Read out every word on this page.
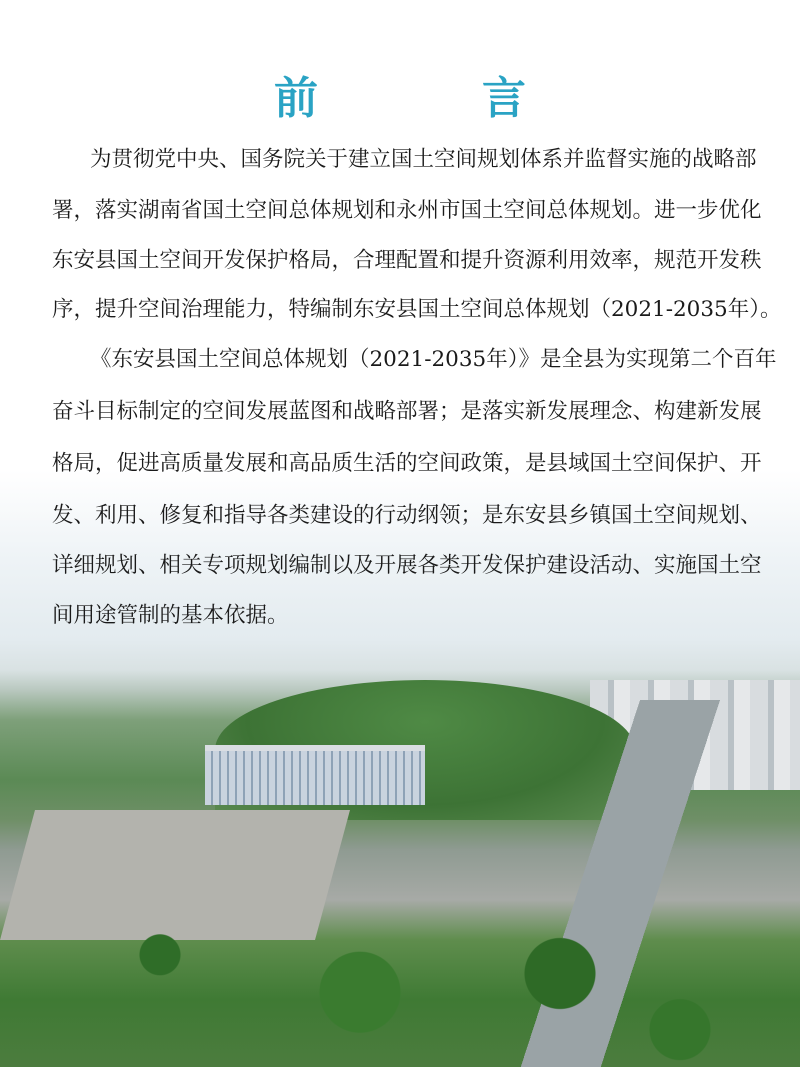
前　言
为贯彻党中央、国务院关于建立国土空间规划体系并监督实施的战略部
署，落实湖南省国土空间总体规划和永州市国土空间总体规划。进一步优化
东安县国土空间开发保护格局，合理配置和提升资源利用效率，规范开发秩
序，提升空间治理能力，特编制东安县国土空间总体规划（2021-2035年）。
《东安县国土空间总体规划（2021-2035年）》是全县为实现第二个百年
奋斗目标制定的空间发展蓝图和战略部署；是落实新发展理念、构建新发展
格局，促进高质量发展和高品质生活的空间政策，是县域国土空间保护、开
发、利用、修复和指导各类建设的行动纲领；是东安县乡镇国土空间规划、
详细规划、相关专项规划编制以及开展各类开发保护建设活动、实施国土空
间用途管制的基本依据。
